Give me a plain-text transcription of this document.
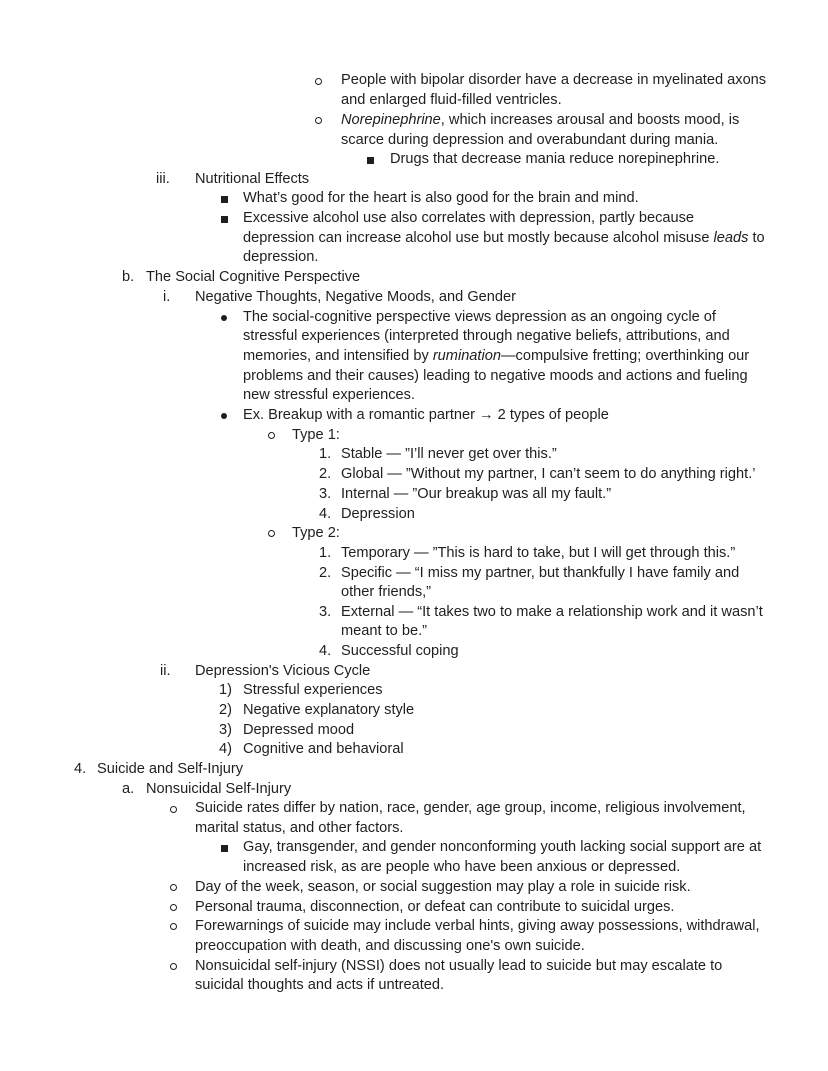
People with bipolar disorder have a decrease in myelinated axons
and enlarged fluid-filled ventricles.
Norepinephrine, which increases arousal and boosts mood, is
scarce during depression and overabundant during mania.
Drugs that decrease mania reduce norepinephrine.
iii. Nutritional Effects
What’s good for the heart is also good for the brain and mind.
Excessive alcohol use also correlates with depression, partly because
depression can increase alcohol use but mostly because alcohol misuse leads to
depression.
b. The Social Cognitive Perspective
i. Negative Thoughts, Negative Moods, and Gender
The social-cognitive perspective views depression as an ongoing cycle of
stressful experiences (interpreted through negative beliefs, attributions, and
memories, and intensified by rumination—compulsive fretting; overthinking our
problems and their causes) leading to negative moods and actions and fueling
new stressful experiences.
Ex. Breakup with a romantic partner → 2 types of people
Type 1:
1. Stable — ”I’ll never get over this.”
2. Global — ”Without my partner, I can’t seem to do anything right.’
3. Internal — ”Our breakup was all my fault.”
4. Depression
Type 2:
1. Temporary — ”This is hard to take, but I will get through this.”
2. Specific — “I miss my partner, but thankfully I have family and
other friends,”
3. External — “It takes two to make a relationship work and it wasn’t
meant to be.”
4. Successful coping
ii. Depression's Vicious Cycle
1) Stressful experiences
2) Negative explanatory style
3) Depressed mood
4) Cognitive and behavioral
4. Suicide and Self-Injury
a. Nonsuicidal Self-Injury
Suicide rates differ by nation, race, gender, age group, income, religious involvement,
marital status, and other factors.
Gay, transgender, and gender nonconforming youth lacking social support are at
increased risk, as are people who have been anxious or depressed.
Day of the week, season, or social suggestion may play a role in suicide risk.
Personal trauma, disconnection, or defeat can contribute to suicidal urges.
Forewarnings of suicide may include verbal hints, giving away possessions, withdrawal,
preoccupation with death, and discussing one's own suicide.
Nonsuicidal self-injury (NSSI) does not usually lead to suicide but may escalate to
suicidal thoughts and acts if untreated.
